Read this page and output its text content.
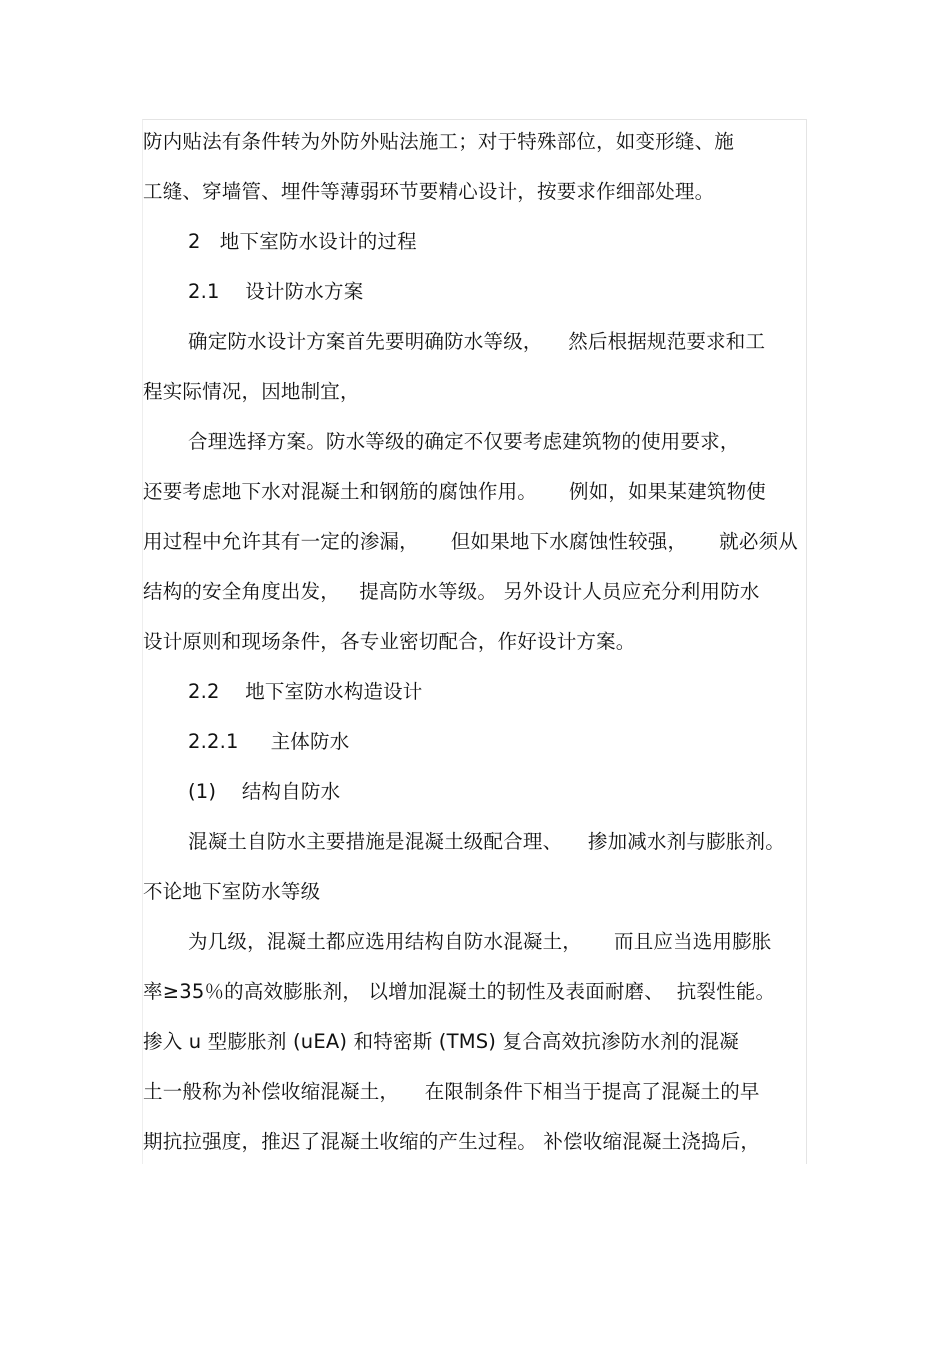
防内贴法有条件转为外防外贴法施工；对于特殊部位，如变形缝、施
工缝、穿墙管、埋件等薄弱环节要精心设计，按要求作细部处理。
2   地下室防水设计的过程
2.1    设计防水方案
确定防水设计方案首先要明确防水等级，    然后根据规范要求和工
程实际情况，因地制宜，
合理选择方案。防水等级的确定不仅要考虑建筑物的使用要求，
还要考虑地下水对混凝土和钢筋的腐蚀作用。     例如，如果某建筑物使
用过程中允许其有一定的渗漏，     但如果地下水腐蚀性较强，     就必须从
结构的安全角度出发，   提高防水等级。 另外设计人员应充分利用防水
设计原则和现场条件，各专业密切配合，作好设计方案。
2.2    地下室防水构造设计
2.2.1     主体防水
(1)    结构自防水
混凝土自防水主要措施是混凝土级配合理、    掺加减水剂与膨胀剂。
不论地下室防水等级
为几级，混凝土都应选用结构自防水混凝土，     而且应当选用膨胀
率≥35％的高效膨胀剂， 以增加混凝土的韧性及表面耐磨、  抗裂性能。
掺入 u 型膨胀剂 (uEA) 和特密斯 (TMS) 复合高效抗渗防水剂的混凝
土一般称为补偿收缩混凝土，    在限制条件下相当于提高了混凝土的早
期抗拉强度，推迟了混凝土收缩的产生过程。 补偿收缩混凝土浇捣后，
